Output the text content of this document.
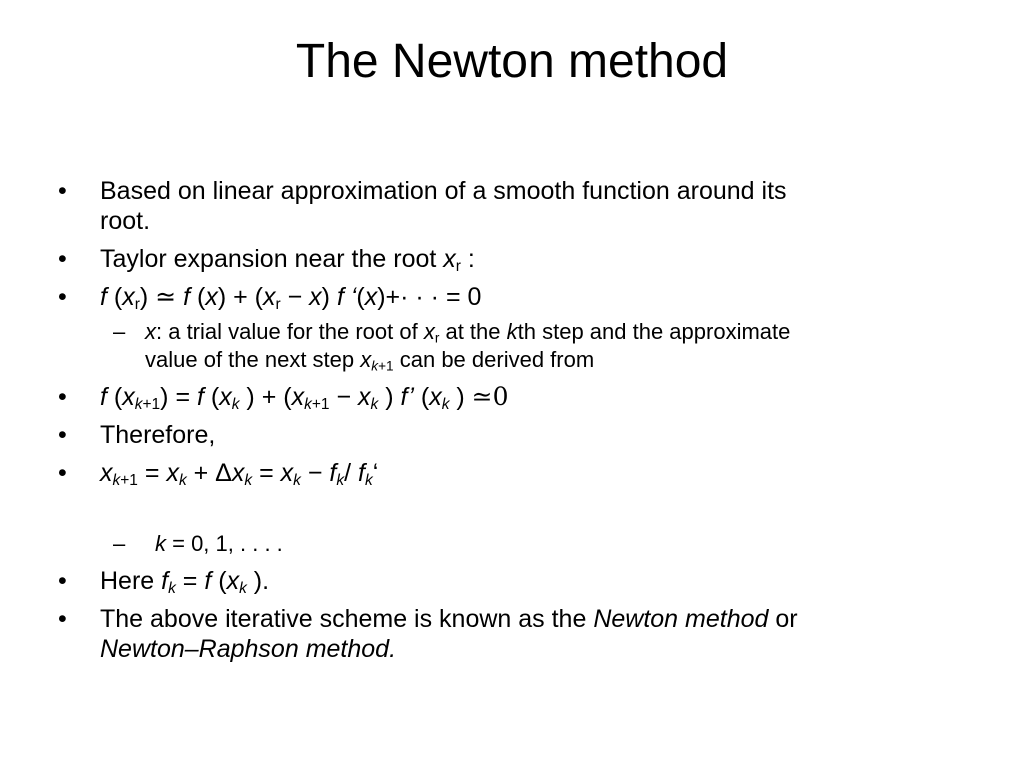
The Newton method
•	Based on linear approximation of a smooth function around its
root.
•	Taylor expansion near the root $x_r$ :
•	f $(x_r)$ ≃ f $(x) + (x_r - x)$ f ‘(x)+· · · = 0
– x: a trial value for the root of $x_r$ at the kth step and the approximate
value of the next step $x_{k+1}$ can be derived from
•	f $(x_{k+1}) = f$ ($x_k$ ) + ($x_{k+1} - x_k$ ) f’ ($x_k$ ) ≃0
•	Therefore,
•	$x_{k+1} = x_k + \Delta x_k = x_k - f_k/$ $f_k‘$
–	k = 0, 1, . . . .
•	Here $f_k = f$ ($x_k$ ).
•	The above iterative scheme is known as the Newton method or
Newton–Raphson method.
